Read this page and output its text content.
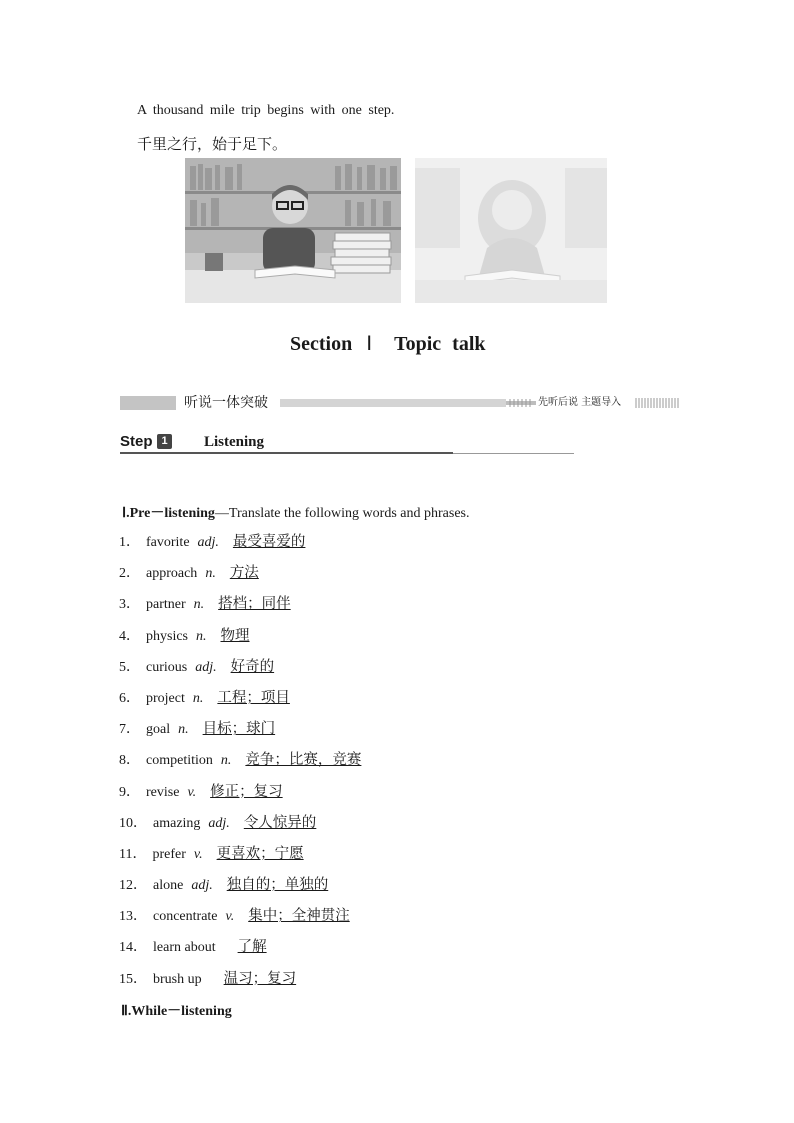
A thousand mile trip begins with one step.
千里之行，始于足下。
Section Ⅰ Topic talk
听说一体突破	先听后说 主题导入
Step 1 Listening
Ⅰ.Pre－listening—Translate the following words and phrases.
1． favorite adj. 最受喜爱的
2． approach n. 方法
3． partner n. 搭档；同伴
4． physics n. 物理
5． curious adj. 好奇的
6． project n. 工程；项目
7． goal n. 目标；球门
8． competition n. 竞争；比赛，竞赛
9． revise v. 修正；复习
10． amazing adj. 令人惊异的
11． prefer v. 更喜欢；宁愿
12． alone adj. 独自的；单独的
13． concentrate v. 集中；全神贯注
14． learn about 了解
15． brush up 温习；复习
Ⅱ.While－listening
